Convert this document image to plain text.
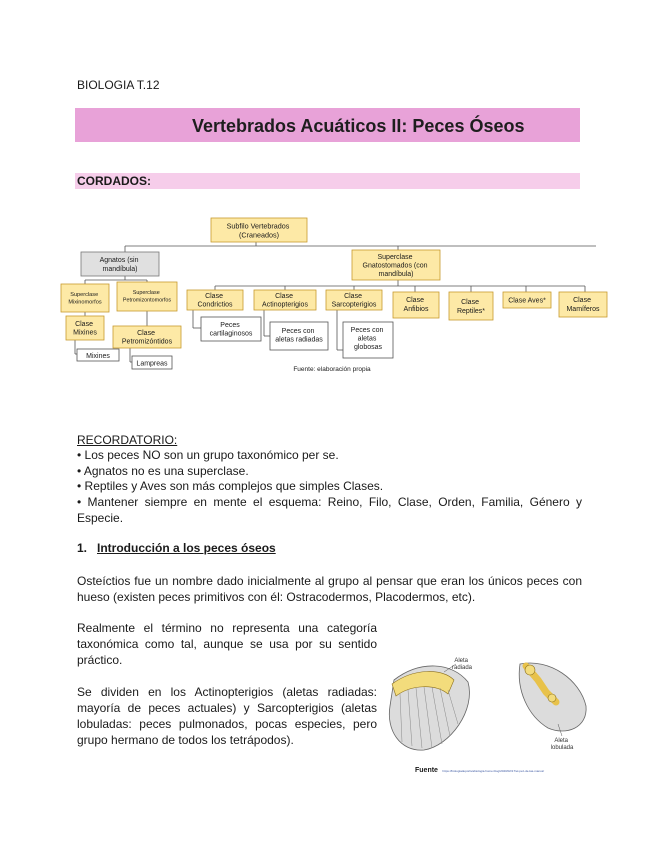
BIOLOGIA T.12
Vertebrados Acuáticos II: Peces Óseos
CORDADOS:
Subfilo Vertebrados (Craneados)
Agnatos (sin mandíbula)
Superclase Gnatostomados (con mandíbula)
Superclase Mixinomorfos
Superclase Petromizontomorfos
Clase Mixines
Mixines
Clase Petromizóntidos
Lampreas
Clase Condrictios
Peces cartilaginosos
Clase Actinopterigios
Peces con aletas radiadas
Clase Sarcopterigios
Peces con aletas globosas
Clase Anfibios
Clase Reptiles*
Clase Aves*	Clase Mamíferos
Fuente: elaboración propia
RECORDATORIO:
• Los peces NO son un grupo taxonómico per se.
• Agnatos no es una superclase.
• Reptiles y Aves son más complejos que simples Clases.
• Mantener siempre en mente el esquema: Reino, Filo, Clase, Orden, Familia, Género y Especie.
1. Introducción a los peces óseos
Osteíctios fue un nombre dado inicialmente al grupo al pensar que eran los únicos peces con hueso (existen peces primitivos con él: Ostracodermos, Placodermos, etc).
Realmente el término no representa una categoría taxonómica como tal, aunque se usa por su sentido práctico.
Se dividen en los Actinopterigios (aletas radiadas: mayoría de peces actuales) y Sarcopterigios (aletas lobuladas: peces pulmonados, pocas especies, pero grupo hermano de todos los tetrápodos).
Aleta radiada
Aleta lobulada
Fuente https://biologiadeportivabiologia.home.blog/2020/02/17/el-pez-de-las-manos/
